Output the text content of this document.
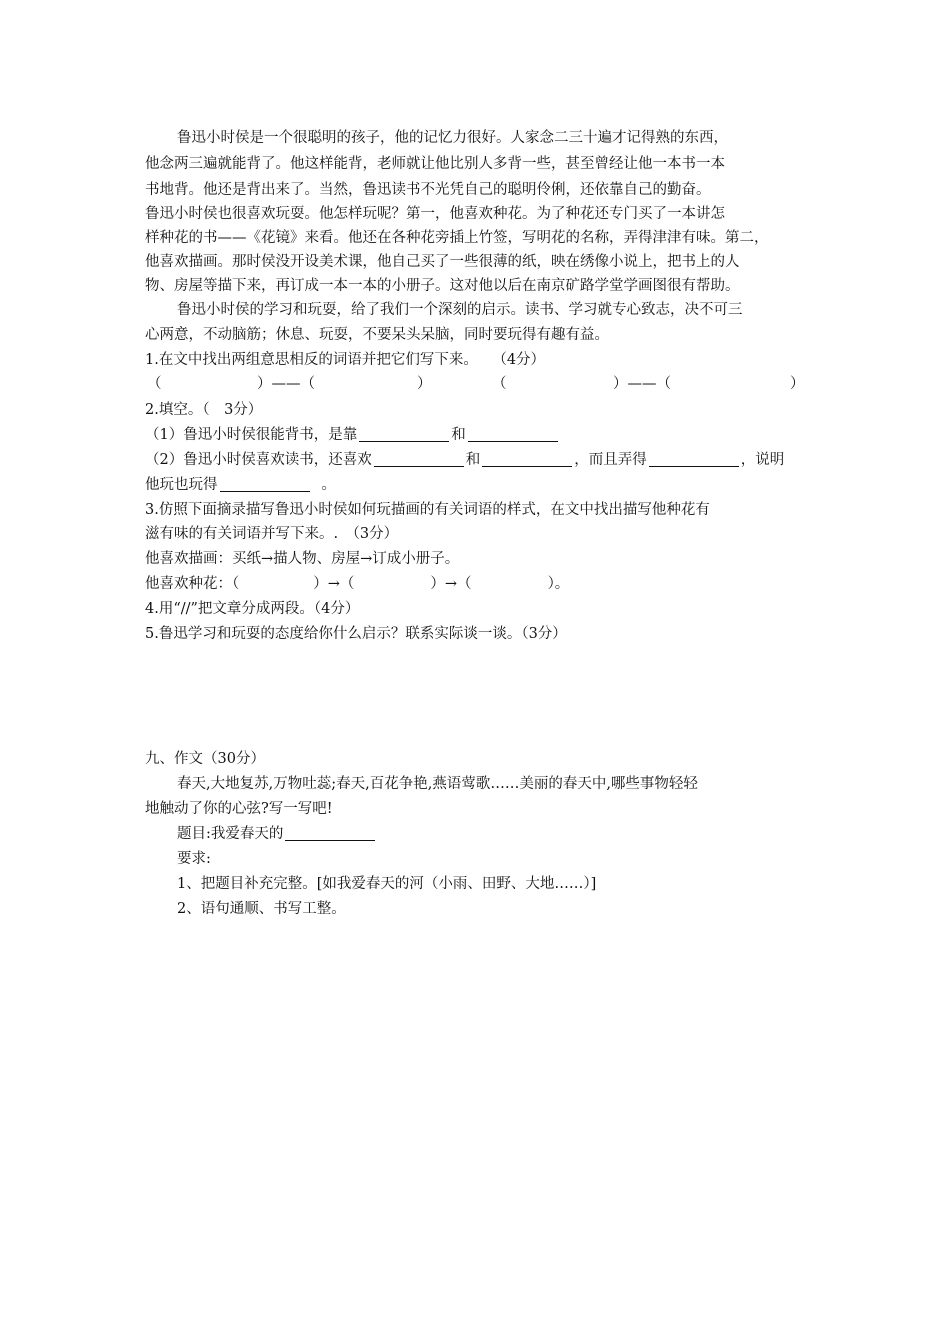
鲁迅小时侯是一个很聪明的孩子，他的记忆力很好。人家念二三十遍才记得熟的东西，
他念两三遍就能背了。他这样能背，老师就让他比别人多背一些，甚至曾经让他一本书一本
书地背。他还是背出来了。当然，鲁迅读书不光凭自己的聪明伶俐，还依靠自己的勤奋。
鲁迅小时侯也很喜欢玩耍。他怎样玩呢？第一，他喜欢种花。为了种花还专门买了一本讲怎
样种花的书——《花镜》来看。他还在各种花旁插上竹签，写明花的名称，弄得津津有味。第二，
他喜欢描画。那时侯没开设美术课，他自己买了一些很薄的纸，映在绣像小说上，把书上的人
物、房屋等描下来，再订成一本一本的小册子。这对他以后在南京矿路学堂学画图很有帮助。
鲁迅小时侯的学习和玩耍，给了我们一个深刻的启示。读书、学习就专心致志，决不可三
心两意，不动脑筋；休息、玩耍，不要呆头呆脑，同时要玩得有趣有益。
1.在文中找出两组意思相反的词语并把它们写下来。　　（4分）
（	）——（	）	（	）——（	）
2.填空。（　3分）
（1）鲁迅小时侯很能背书，是靠	和
（2）鲁迅小时侯喜欢读书，还喜欢	和	，而且弄得	，说明
他玩也玩得	。
3.仿照下面摘录描写鲁迅小时侯如何玩描画的有关词语的样式，在文中找出描写他种花有
滋有味的有关词语并写下来。.　（3分）
他喜欢描画：买纸→描人物、房屋→订成小册子。
他喜欢种花：（	）→（	）→（	）。
4.用“//”把文章分成两段。（4分）
5.鲁迅学习和玩耍的态度给你什么启示？联系实际谈一谈。（3分）
九、作文（30分）
春天,大地复苏,万物吐蕊;春天,百花争艳,燕语莺歌……美丽的春天中,哪些事物轻轻
地触动了你的心弦?写一写吧!
题目:我爱春天的
要求:
1、把题目补充完整。[如我爱春天的河（小雨、田野、大地……）]
2、语句通顺、书写工整。
